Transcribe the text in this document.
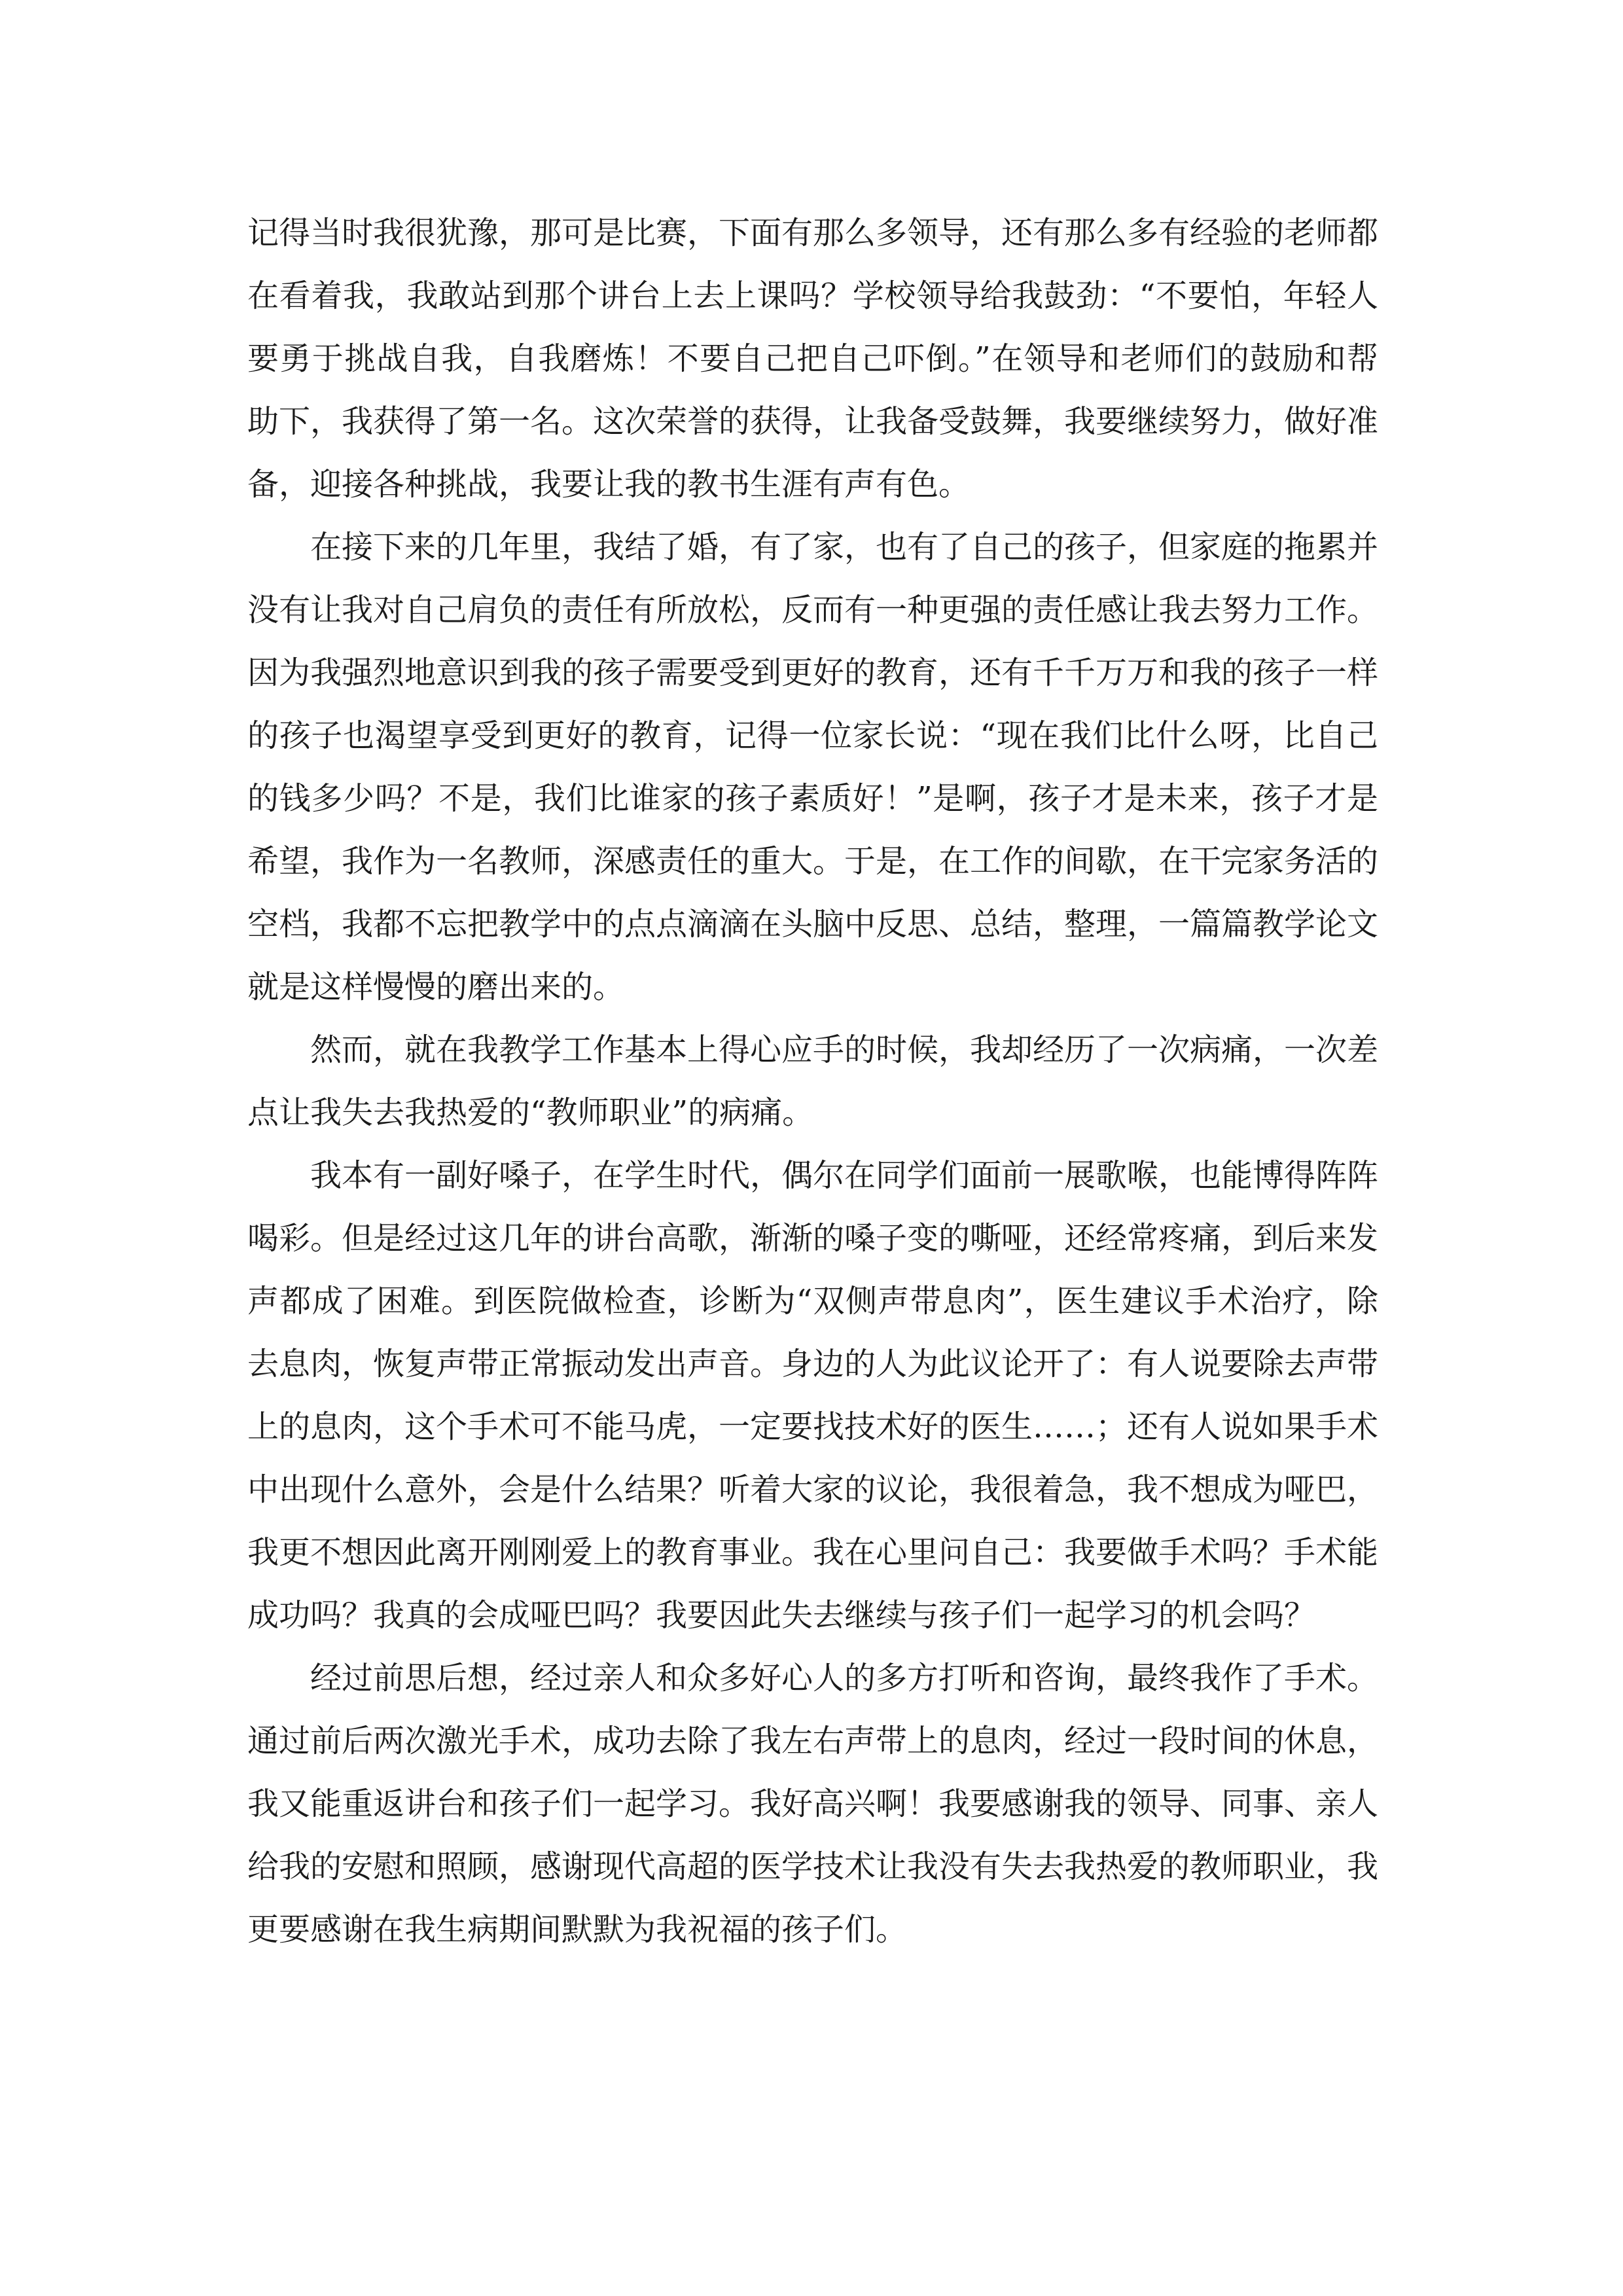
记得当时我很犹豫，那可是比赛，下面有那么多领导，还有那么多有经验的老师都在看着我，我敢站到那个讲台上去上课吗？学校领导给我鼓劲：“不要怕，年轻人要勇于挑战自我，自我磨炼！不要自己把自己吓倒。”在领导和老师们的鼓励和帮助下，我获得了第一名。这次荣誉的获得，让我备受鼓舞，我要继续努力，做好准备，迎接各种挑战，我要让我的教书生涯有声有色。

在接下来的几年里，我结了婚，有了家，也有了自己的孩子，但家庭的拖累并没有让我对自己肩负的责任有所放松，反而有一种更强的责任感让我去努力工作。因为我强烈地意识到我的孩子需要受到更好的教育，还有千千万万和我的孩子一样的孩子也渴望享受到更好的教育，记得一位家长说：“现在我们比什么呀，比自己的钱多少吗？不是，我们比谁家的孩子素质好！”是啊，孩子才是未来，孩子才是希望，我作为一名教师，深感责任的重大。于是，在工作的间歇，在干完家务活的空档，我都不忘把教学中的点点滴滴在头脑中反思、总结，整理，一篇篇教学论文就是这样慢慢的磨出来的。

然而，就在我教学工作基本上得心应手的时候，我却经历了一次病痛，一次差点让我失去我热爱的“教师职业”的病痛。

我本有一副好嗓子，在学生时代，偶尔在同学们面前一展歌喉，也能博得阵阵喝彩。但是经过这几年的讲台高歌，渐渐的嗓子变的嘶哑，还经常疼痛，到后来发声都成了困难。到医院做检查，诊断为“双侧声带息肉”，医生建议手术治疗，除去息肉，恢复声带正常振动发出声音。身边的人为此议论开了：有人说要除去声带上的息肉，这个手术可不能马虎，一定要找技术好的医生……；还有人说如果手术中出现什么意外，会是什么结果？听着大家的议论，我很着急，我不想成为哑巴，我更不想因此离开刚刚爱上的教育事业。我在心里问自己：我要做手术吗？手术能成功吗？我真的会成哑巴吗？我要因此失去继续与孩子们一起学习的机会吗？

经过前思后想，经过亲人和众多好心人的多方打听和咨询，最终我作了手术。通过前后两次激光手术，成功去除了我左右声带上的息肉，经过一段时间的休息，我又能重返讲台和孩子们一起学习。我好高兴啊！我要感谢我的领导、同事、亲人给我的安慰和照顾，感谢现代高超的医学技术让我没有失去我热爱的教师职业，我更要感谢在我生病期间默默为我祝福的孩子们。
